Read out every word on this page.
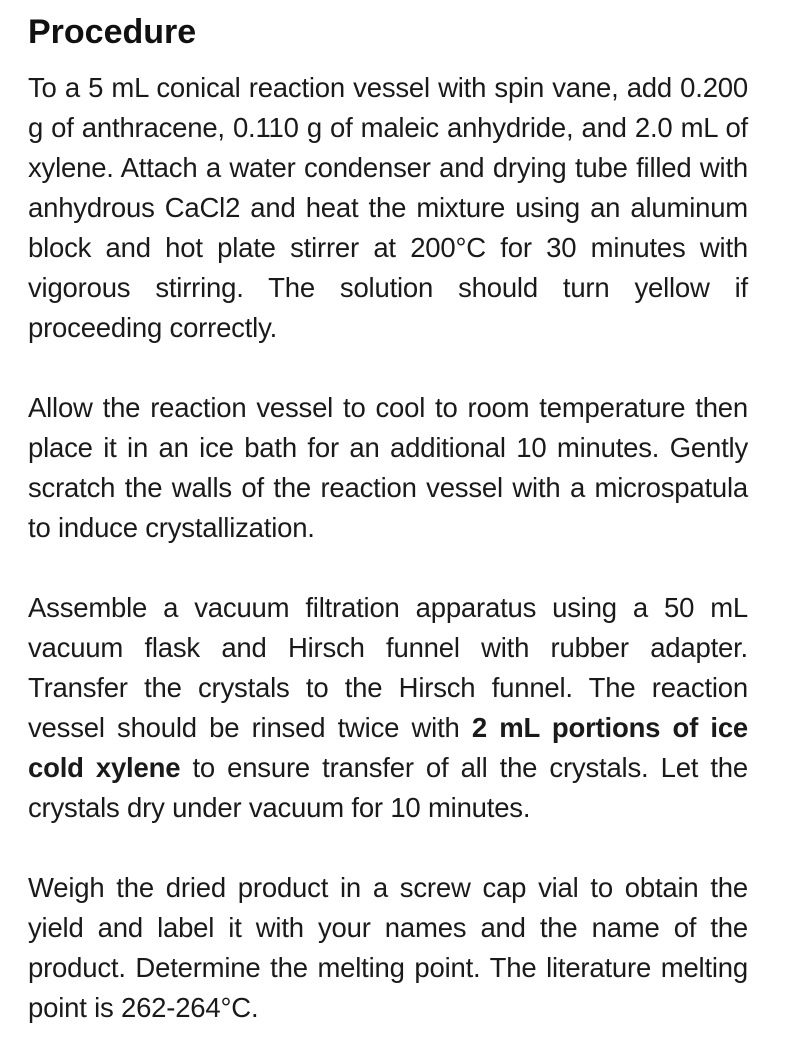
Procedure

To a 5 mL conical reaction vessel with spin vane, add 0.200 g of anthracene, 0.110 g of maleic anhydride, and 2.0 mL of xylene. Attach a water condenser and drying tube filled with anhydrous CaCl2 and heat the mixture using an aluminum block and hot plate stirrer at 200°C for 30 minutes with vigorous stirring. The solution should turn yellow if proceeding correctly.

Allow the reaction vessel to cool to room temperature then place it in an ice bath for an additional 10 minutes. Gently scratch the walls of the reaction vessel with a microspatula to induce crystallization.

Assemble a vacuum filtration apparatus using a 50 mL vacuum flask and Hirsch funnel with rubber adapter. Transfer the crystals to the Hirsch funnel. The reaction vessel should be rinsed twice with 2 mL portions of ice cold xylene to ensure transfer of all the crystals. Let the crystals dry under vacuum for 10 minutes.

Weigh the dried product in a screw cap vial to obtain the yield and label it with your names and the name of the product. Determine the melting point. The literature melting point is 262-264°C.
